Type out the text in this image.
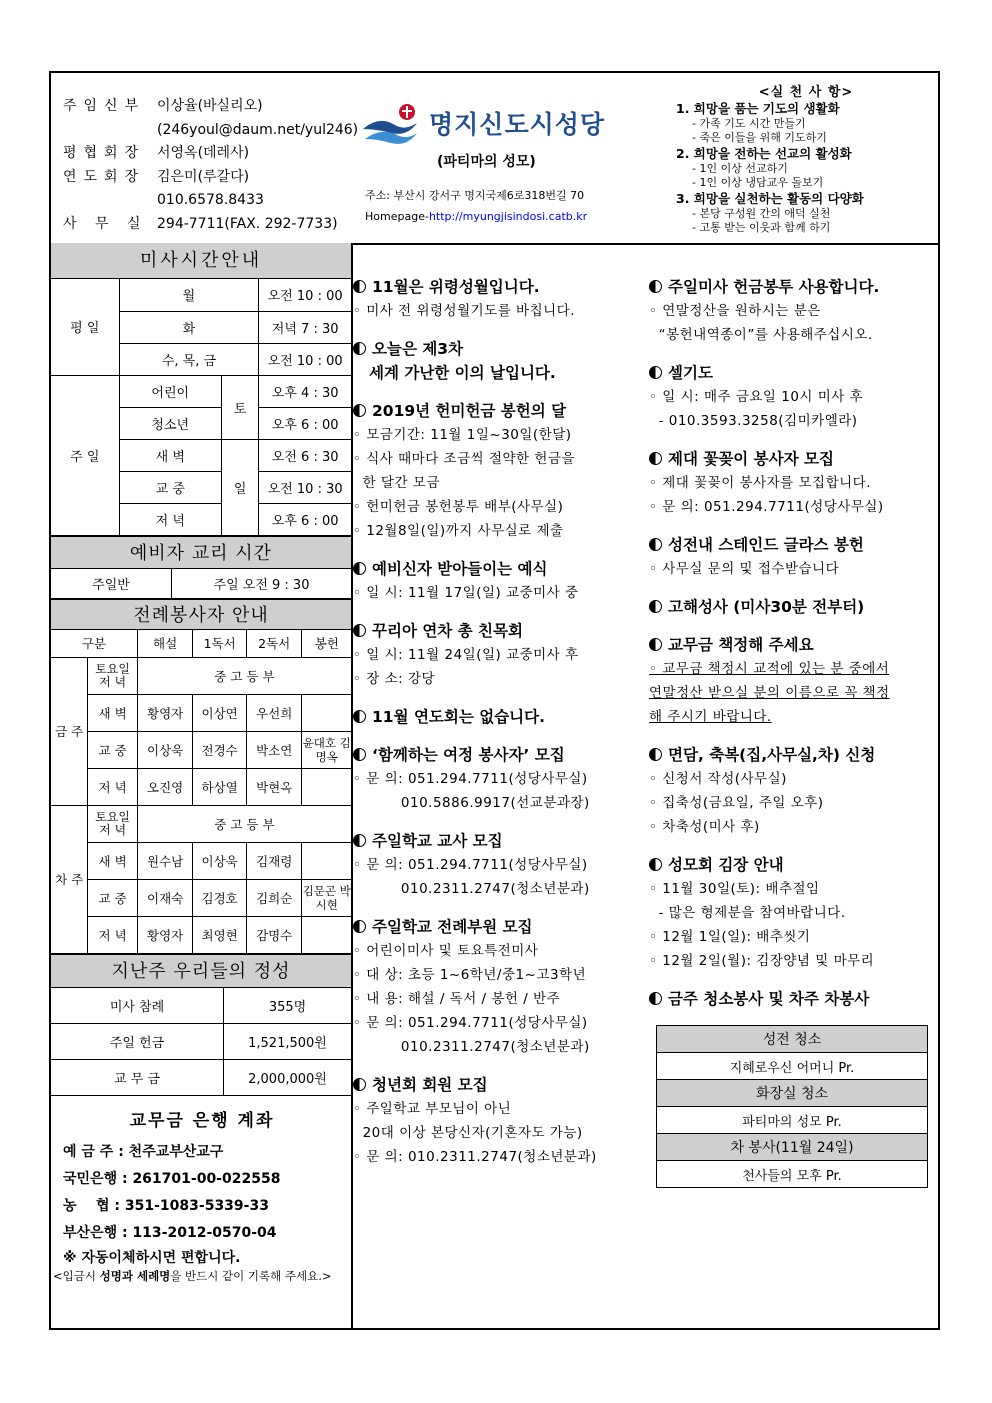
주임신부 이상율(바실리오)
(246youl@daum.net/yul246)
평협회장 서영옥(데레사)
연도회장 김은미(루갈다)
010.6578.8433
사 무 실 294-7711(FAX. 292-7733)
명지신도시성당
(파티마의 성모)
주소: 부산시 강서구 명지국제6로318번길 70
Homepage-http://myungjisindosi.catb.kr
<실 천 사 항>
1. 희망을 품는 기도의 생활화
- 가족 기도 시간 만들기
- 죽은 이들을 위해 기도하기
2. 희망을 전하는 선교의 활성화
- 1인 이상 선교하기
- 1인 이상 냉담교우 돌보기
3. 희망을 실천하는 활동의 다양화
- 본당 구성원 간의 애덕 실천
- 고통 받는 이웃과 함께 하기
미사시간안내
평 일	월		오전 10 : 00
	화		저녁 7 : 30
	수, 목, 금		오전 10 : 00
주 일	어린이	토	오후 4 : 30
	청소년		오후 6 : 00
	새 벽	일	오전 6 : 30
	교 중		오전 10 : 30
	저 녁		오후 6 : 00
예비자 교리 시간
주일반	주일 오전 9 : 30
전례봉사자 안내
구분		해설	1독서	2독서	봉헌
금 주	토요일 저 녁	중 고 등 부			
	새 벽	황영자	이상연	우선희	
	교 중	이상욱	전경수	박소연	윤대호 김명옥
	저 녁	오진영	하상열	박현옥	
차 주	토요일 저 녁	중 고 등 부			
	새 벽	원수남	이상욱	김재령	
	교 중	이재숙	김경호	김희순	김문곤 박시현
	저 녁	황영자	최영현	감명수	
지난주 우리들의 정성
미사 참례	355명
주일 헌금	1,521,500원
교 무 금	2,000,000원
교무금 은행 계좌
예 금 주 : 천주교부산교구
국민은행 : 261701-00-022558
농    협 : 351-1083-5339-33
부산은행 : 113-2012-0570-04
※ 자동이체하시면 편합니다.
<입금시 성명과 세례명을 반드시 같이 기록해 주세요.>
11월은 위령성월입니다.
◦ 미사 전 위령성월기도를 바칩니다.
오늘은 제3차
세계 가난한 이의 날입니다.
2019년 헌미헌금 봉헌의 달
◦ 모금기간: 11월 1일~30일(한달)
◦ 식사 때마다 조금씩 절약한 헌금을
한 달간 모금
◦ 헌미헌금 봉헌봉투 배부(사무실)
◦ 12월8일(일)까지 사무실로 제출
예비신자 받아들이는 예식
◦ 일 시: 11월 17일(일) 교중미사 중
꾸리아 연차 총 친목회
◦ 일 시: 11월 24일(일) 교중미사 후
◦ 장 소: 강당
11월 연도회는 없습니다.
‘함께하는 여정 봉사자’ 모집
◦ 문 의: 051.294.7711(성당사무실)
010.5886.9917(선교분과장)
주일학교 교사 모집
◦ 문 의: 051.294.7711(성당사무실)
010.2311.2747(청소년분과)
주일학교 전례부원 모집
◦ 어린이미사 및 토요특전미사
◦ 대 상: 초등 1~6학년/중1~고3학년
◦ 내 용: 해설 / 독서 / 봉헌 / 반주
◦ 문 의: 051.294.7711(성당사무실)
010.2311.2747(청소년분과)
청년회 회원 모집
◦ 주일학교 부모님이 아닌
20대 이상 본당신자(기혼자도 가능)
◦ 문 의: 010.2311.2747(청소년분과)
주일미사 헌금봉투 사용합니다.
◦ 연말정산을 원하시는 분은
“봉헌내역종이”를 사용해주십시오.
셀기도
◦ 일 시: 매주 금요일 10시 미사 후
- 010.3593.3258(김미카엘라)
제대 꽃꽂이 봉사자 모집
◦ 제대 꽃꽂이 봉사자를 모집합니다.
◦ 문 의: 051.294.7711(성당사무실)
성전내 스테인드 글라스 봉헌
◦ 사무실 문의 및 접수받습니다
고해성사 (미사30분 전부터)
교무금 책정해 주세요
◦ 교무금 책정시 교적에 있는 분 중에서
연말정산 받으실 분의 이름으로 꼭 책정
해 주시기 바랍니다.
면담, 축복(집,사무실,차) 신청
◦ 신청서 작성(사무실)
◦ 집축성(금요일, 주일 오후)
◦ 차축성(미사 후)
성모회 김장 안내
◦ 11월 30일(토): 배추절임
- 많은 형제분을 참여바랍니다.
◦ 12월 1일(일): 배추씻기
◦ 12월 2일(월): 김장양념 및 마무리
금주 청소봉사 및 차주 차봉사
성전 청소
지혜로우신 어머니 Pr.
화장실 청소
파티마의 성모 Pr.
차 봉사(11월 24일)
천사들의 모후 Pr.
